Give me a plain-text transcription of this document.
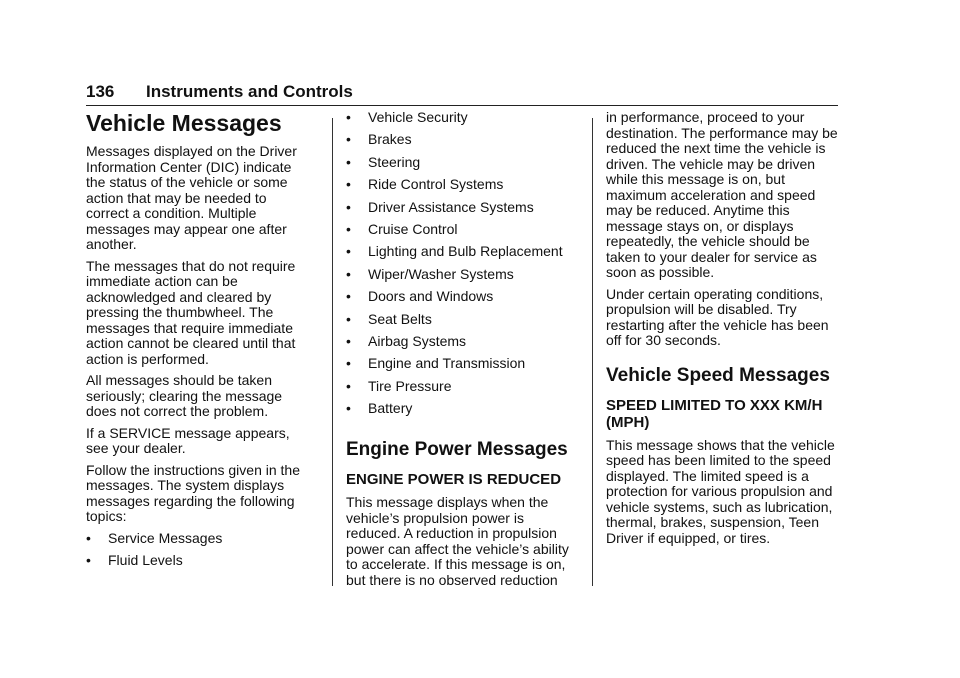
136 Instruments and Controls
Vehicle Messages

Messages displayed on the Driver Information Center (DIC) indicate the status of the vehicle or some action that may be needed to correct a condition. Multiple messages may appear one after another.

The messages that do not require immediate action can be acknowledged and cleared by pressing the thumbwheel. The messages that require immediate action cannot be cleared until that action is performed.

All messages should be taken seriously; clearing the message does not correct the problem.

If a SERVICE message appears, see your dealer.

Follow the instructions given in the messages. The system displays messages regarding the following topics:

• Service Messages
• Fluid Levels
• Vehicle Security
• Brakes
• Steering
• Ride Control Systems
• Driver Assistance Systems
• Cruise Control
• Lighting and Bulb Replacement
• Wiper/Washer Systems
• Doors and Windows
• Seat Belts
• Airbag Systems
• Engine and Transmission
• Tire Pressure
• Battery
Engine Power Messages
ENGINE POWER IS REDUCED

This message displays when the vehicle’s propulsion power is reduced. A reduction in propulsion power can affect the vehicle’s ability to accelerate. If this message is on, but there is no observed reduction

in performance, proceed to your destination. The performance may be reduced the next time the vehicle is driven. The vehicle may be driven while this message is on, but maximum acceleration and speed may be reduced. Anytime this message stays on, or displays repeatedly, the vehicle should be taken to your dealer for service as soon as possible.

Under certain operating conditions, propulsion will be disabled. Try restarting after the vehicle has been off for 30 seconds.

Vehicle Speed Messages
SPEED LIMITED TO XXX KM/H (MPH)

This message shows that the vehicle speed has been limited to the speed displayed. The limited speed is a protection for various propulsion and vehicle systems, such as lubrication, thermal, brakes, suspension, Teen Driver if equipped, or tires.
